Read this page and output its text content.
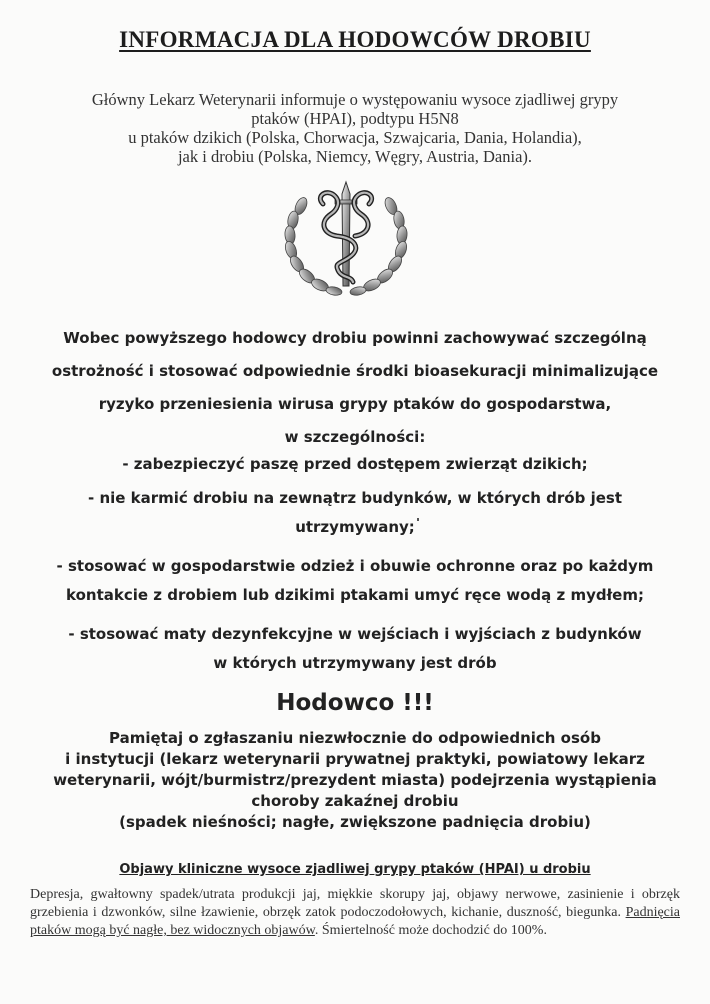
INFORMACJA DLA HODOWCÓW DROBIU
Główny Lekarz Weterynarii informuje o występowaniu wysoce zjadliwej grypy
ptaków (HPAI), podtypu H5N8
u ptaków dzikich (Polska, Chorwacja, Szwajcaria, Dania, Holandia),
jak i drobiu (Polska, Niemcy, Węgry, Austria, Dania).

Wobec powyższego hodowcy drobiu powinni zachowywać szczególną

ostrożność i stosować odpowiednie środki bioasekuracji minimalizujące

ryzyko przeniesienia wirusa grypy ptaków do gospodarstwa,

w szczególności:

- zabezpieczyć paszę przed dostępem zwierząt dzikich;

- nie karmić drobiu na zewnątrz budynków, w których drób jest

utrzymywany;

- stosować w gospodarstwie odzież i obuwie ochronne oraz po każdym

kontakcie z drobiem lub dzikimi ptakami umyć ręce wodą z mydłem;

- stosować maty dezynfekcyjne w wejściach i wyjściach z budynków

w których utrzymywany jest drób

Hodowco !!!

Pamiętaj o zgłaszaniu niezwłocznie do odpowiednich osób

i instytucji (lekarz weterynarii prywatnej praktyki, powiatowy lekarz

weterynarii, wójt/burmistrz/prezydent miasta) podejrzenia wystąpienia

choroby zakaźnej drobiu

(spadek nieśności; nagłe, zwiększone padnięcia drobiu)

Objawy kliniczne wysoce zjadliwej grypy ptaków (HPAI) u drobiu
Depresja, gwałtowny spadek/utrata produkcji jaj, miękkie skorupy jaj, objawy nerwowe, zasinienie i obrzęk grzebienia i dzwonków, silne łzawienie, obrzęk zatok podoczodołowych, kichanie, duszność, biegunka. Padnięcia ptaków mogą być nagłe, bez widocznych objawów. Śmiertelność może dochodzić do 100%.
